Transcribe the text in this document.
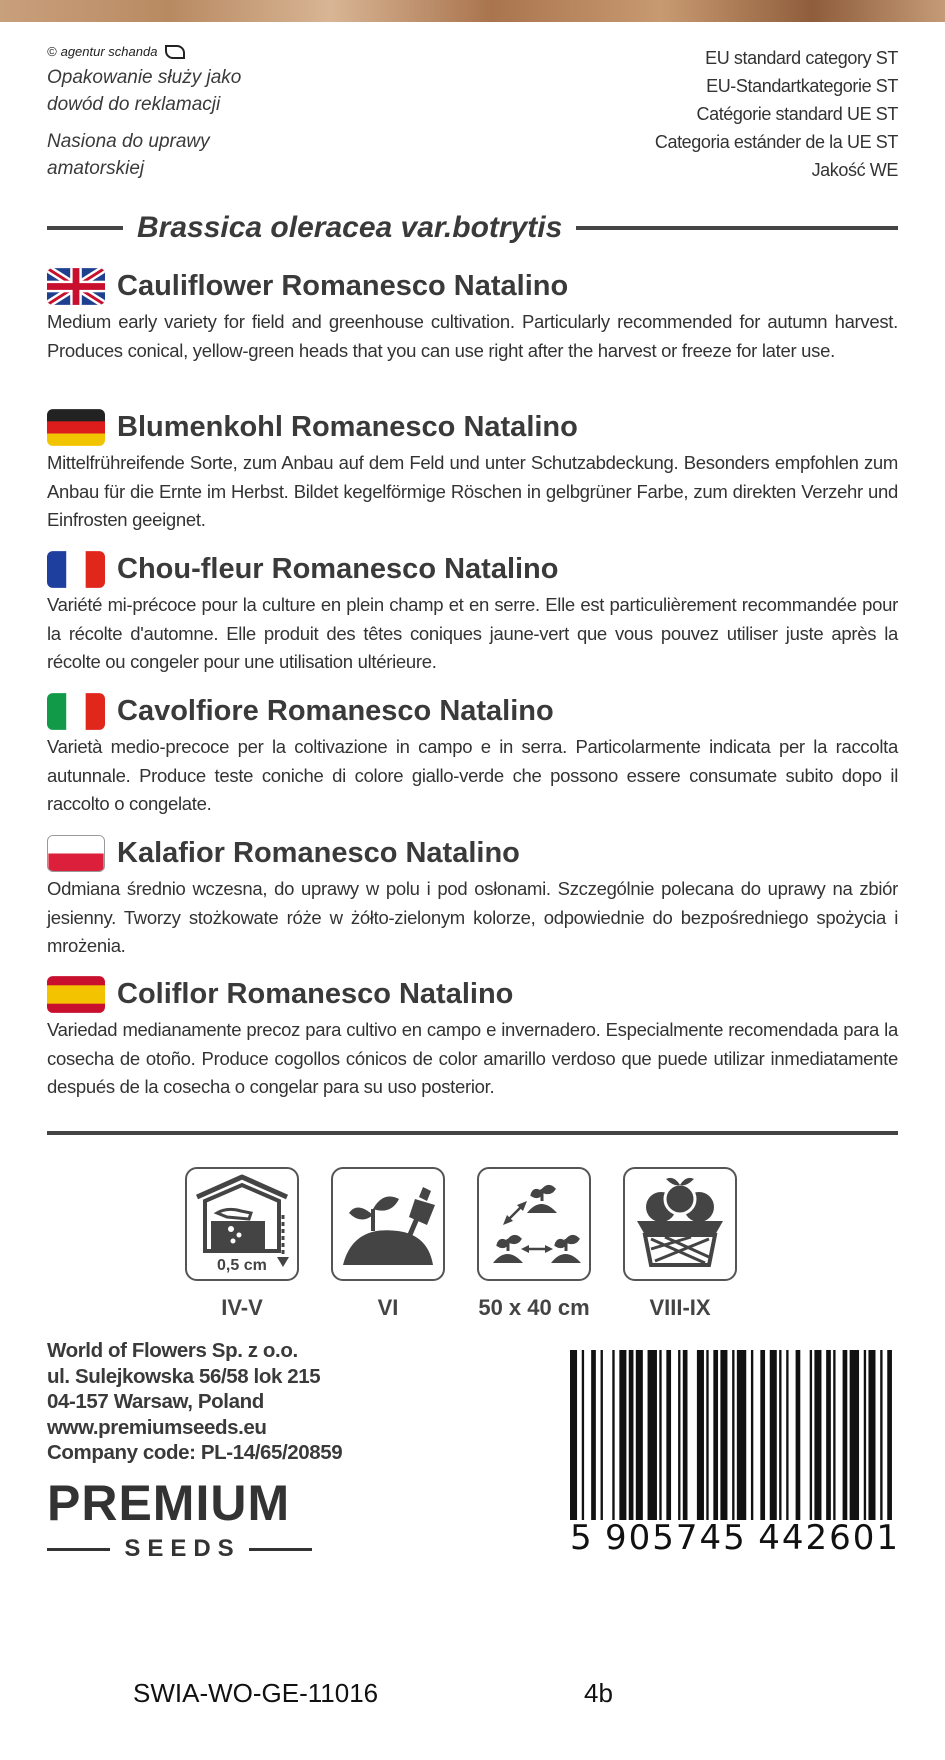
© agentur schanda
Opakowanie służy jako
dowód do reklamacji
Nasiona do uprawy
amatorskiej
EU standard category ST
EU-Standartkategorie ST
Catégorie standard UE ST
Categoria estánder de la UE ST
Jakość WE
Brassica oleracea var.botrytis
Cauliflower Romanesco Natalino
Medium early variety for field and greenhouse cultivation. Particularly recommended for autumn harvest. Produces conical, yellow-green heads that you can use right after the harvest or freeze for later use.
Blumenkohl Romanesco Natalino
Mittelfrühreifende Sorte, zum Anbau auf dem Feld und unter Schutzabdeckung. Besonders empfohlen zum Anbau für die Ernte im Herbst. Bildet kegelförmige Röschen in gelbgrüner Farbe, zum direkten Verzehr und Einfrosten geeignet.
Chou-fleur Romanesco Natalino
Variété mi-précoce pour la culture en plein champ et en serre. Elle est particulièrement recommandée pour la récolte d'automne. Elle produit des têtes coniques jaune-vert que vous pouvez utiliser juste après la récolte ou congeler pour une utilisation ultérieure.
Cavolfiore Romanesco Natalino
Varietà medio-precoce per la coltivazione in campo e in serra. Particolarmente indicata per la raccolta autunnale. Produce teste coniche di colore giallo-verde che possono essere consumate subito dopo il raccolto o congelate.
Kalafior Romanesco Natalino
Odmiana średnio wczesna, do uprawy w polu i pod osłonami. Szczególnie polecana do uprawy na zbiór jesienny. Tworzy stożkowate róże w żółto-zielonym kolorze, odpowiednie do bezpośredniego spożycia i mrożenia.
Coliflor Romanesco Natalino
Variedad medianamente precoz para cultivo en campo e invernadero. Especialmente recomendada para la cosecha de otoño. Produce cogollos cónicos de color amarillo verdoso que puede utilizar inmediatamente después de la cosecha o congelar para su uso posterior.
0,5 cm
IV-V	VI	50 x 40 cm	VIII-IX
World of Flowers Sp. z o.o.
ul. Sulejkowska 56/58 lok 215
04-157 Warsaw, Poland
www.premiumseeds.eu
Company code: PL-14/65/20859
PREMIUM
SEEDS	5 905745 442601
SWIA-WO-GE-11016	4b
